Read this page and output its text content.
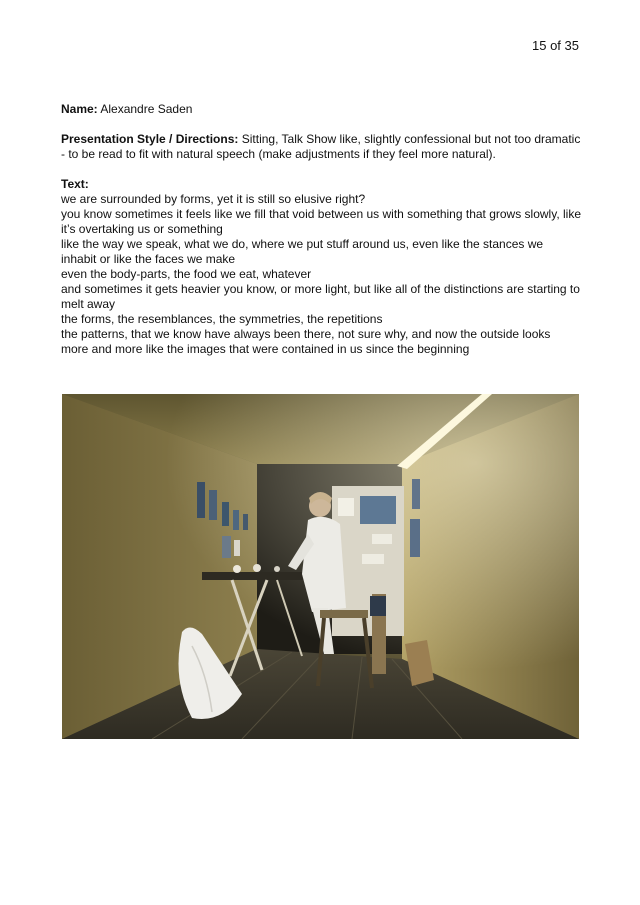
15 of 35

Name: Alexandre Saden

Presentation Style / Directions: Sitting, Talk Show like, slightly confessional but not too dramatic - to be read to fit with natural speech (make adjustments if they feel more natural).

Text:

we are surrounded by forms, yet it is still so elusive right?

you know sometimes it feels like we fill that void between us with something that grows slowly, like it’s overtaking us or something

like the way we speak, what we do, where we put stuff around us, even like the stances we inhabit or like the faces we make

even the body-parts, the food we eat, whatever

and sometimes it gets heavier you know, or more light, but like all of the distinctions are starting to melt away

the forms, the resemblances, the symmetries, the repetitions

the patterns, that we know have always been there, not sure why, and now the outside looks more and more like the images that were contained in us since the beginning
